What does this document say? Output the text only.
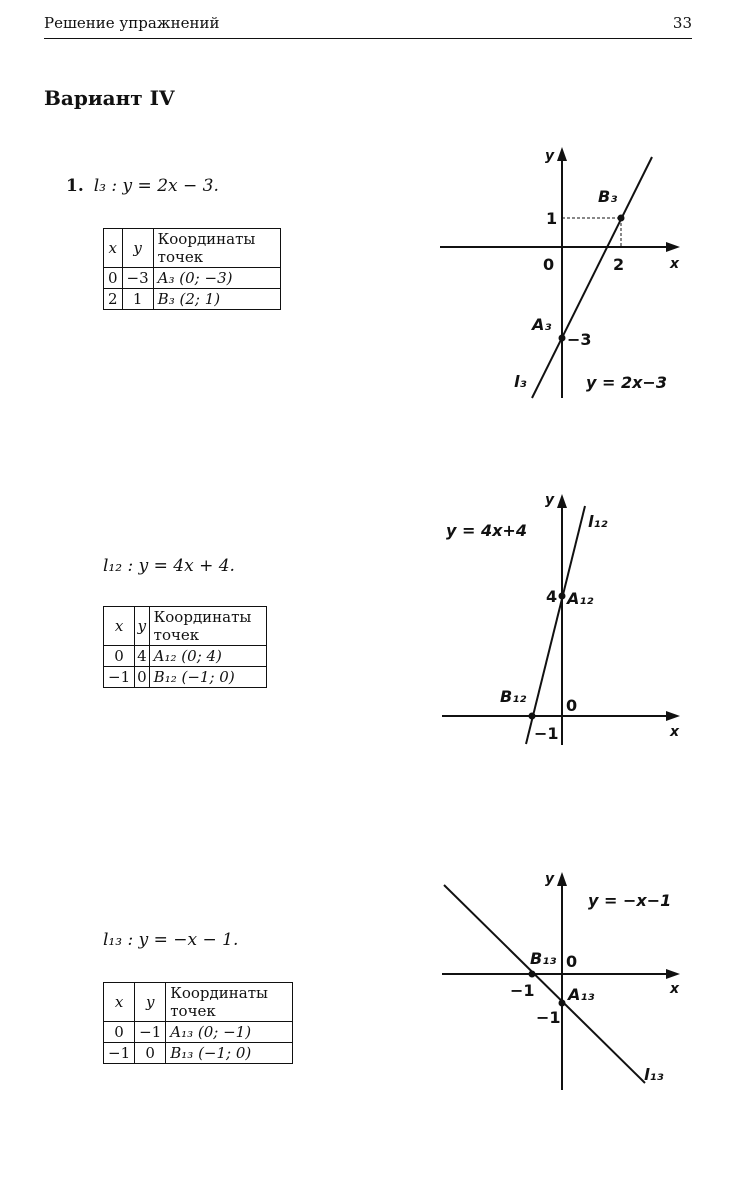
Решение упражнений	33
Вариант IV
1. l₃ : y = 2x − 3.
x	y	Координаты точек
0	−3	A₃ (0; −3)
2	1	B₃ (2; 1)
y
x
0	2
1
−3
B₃
A₃
l₃	y = 2x−3
l₁₂ : y = 4x + 4.
x	y	Координаты точек
0	4	A₁₂ (0; 4)
−1	0	B₁₂ (−1; 0)
y
x
0
−1
4 A₁₂
B₁₂
l₁₂
y = 4x+4
l₁₃ : y = −x − 1.
x	y	Координаты точек
0	−1	A₁₃ (0; −1)
−1	0	B₁₃ (−1; 0)
y
x
0
−1
−1
B₁₃
A₁₃
l₁₃
y = −x−1
